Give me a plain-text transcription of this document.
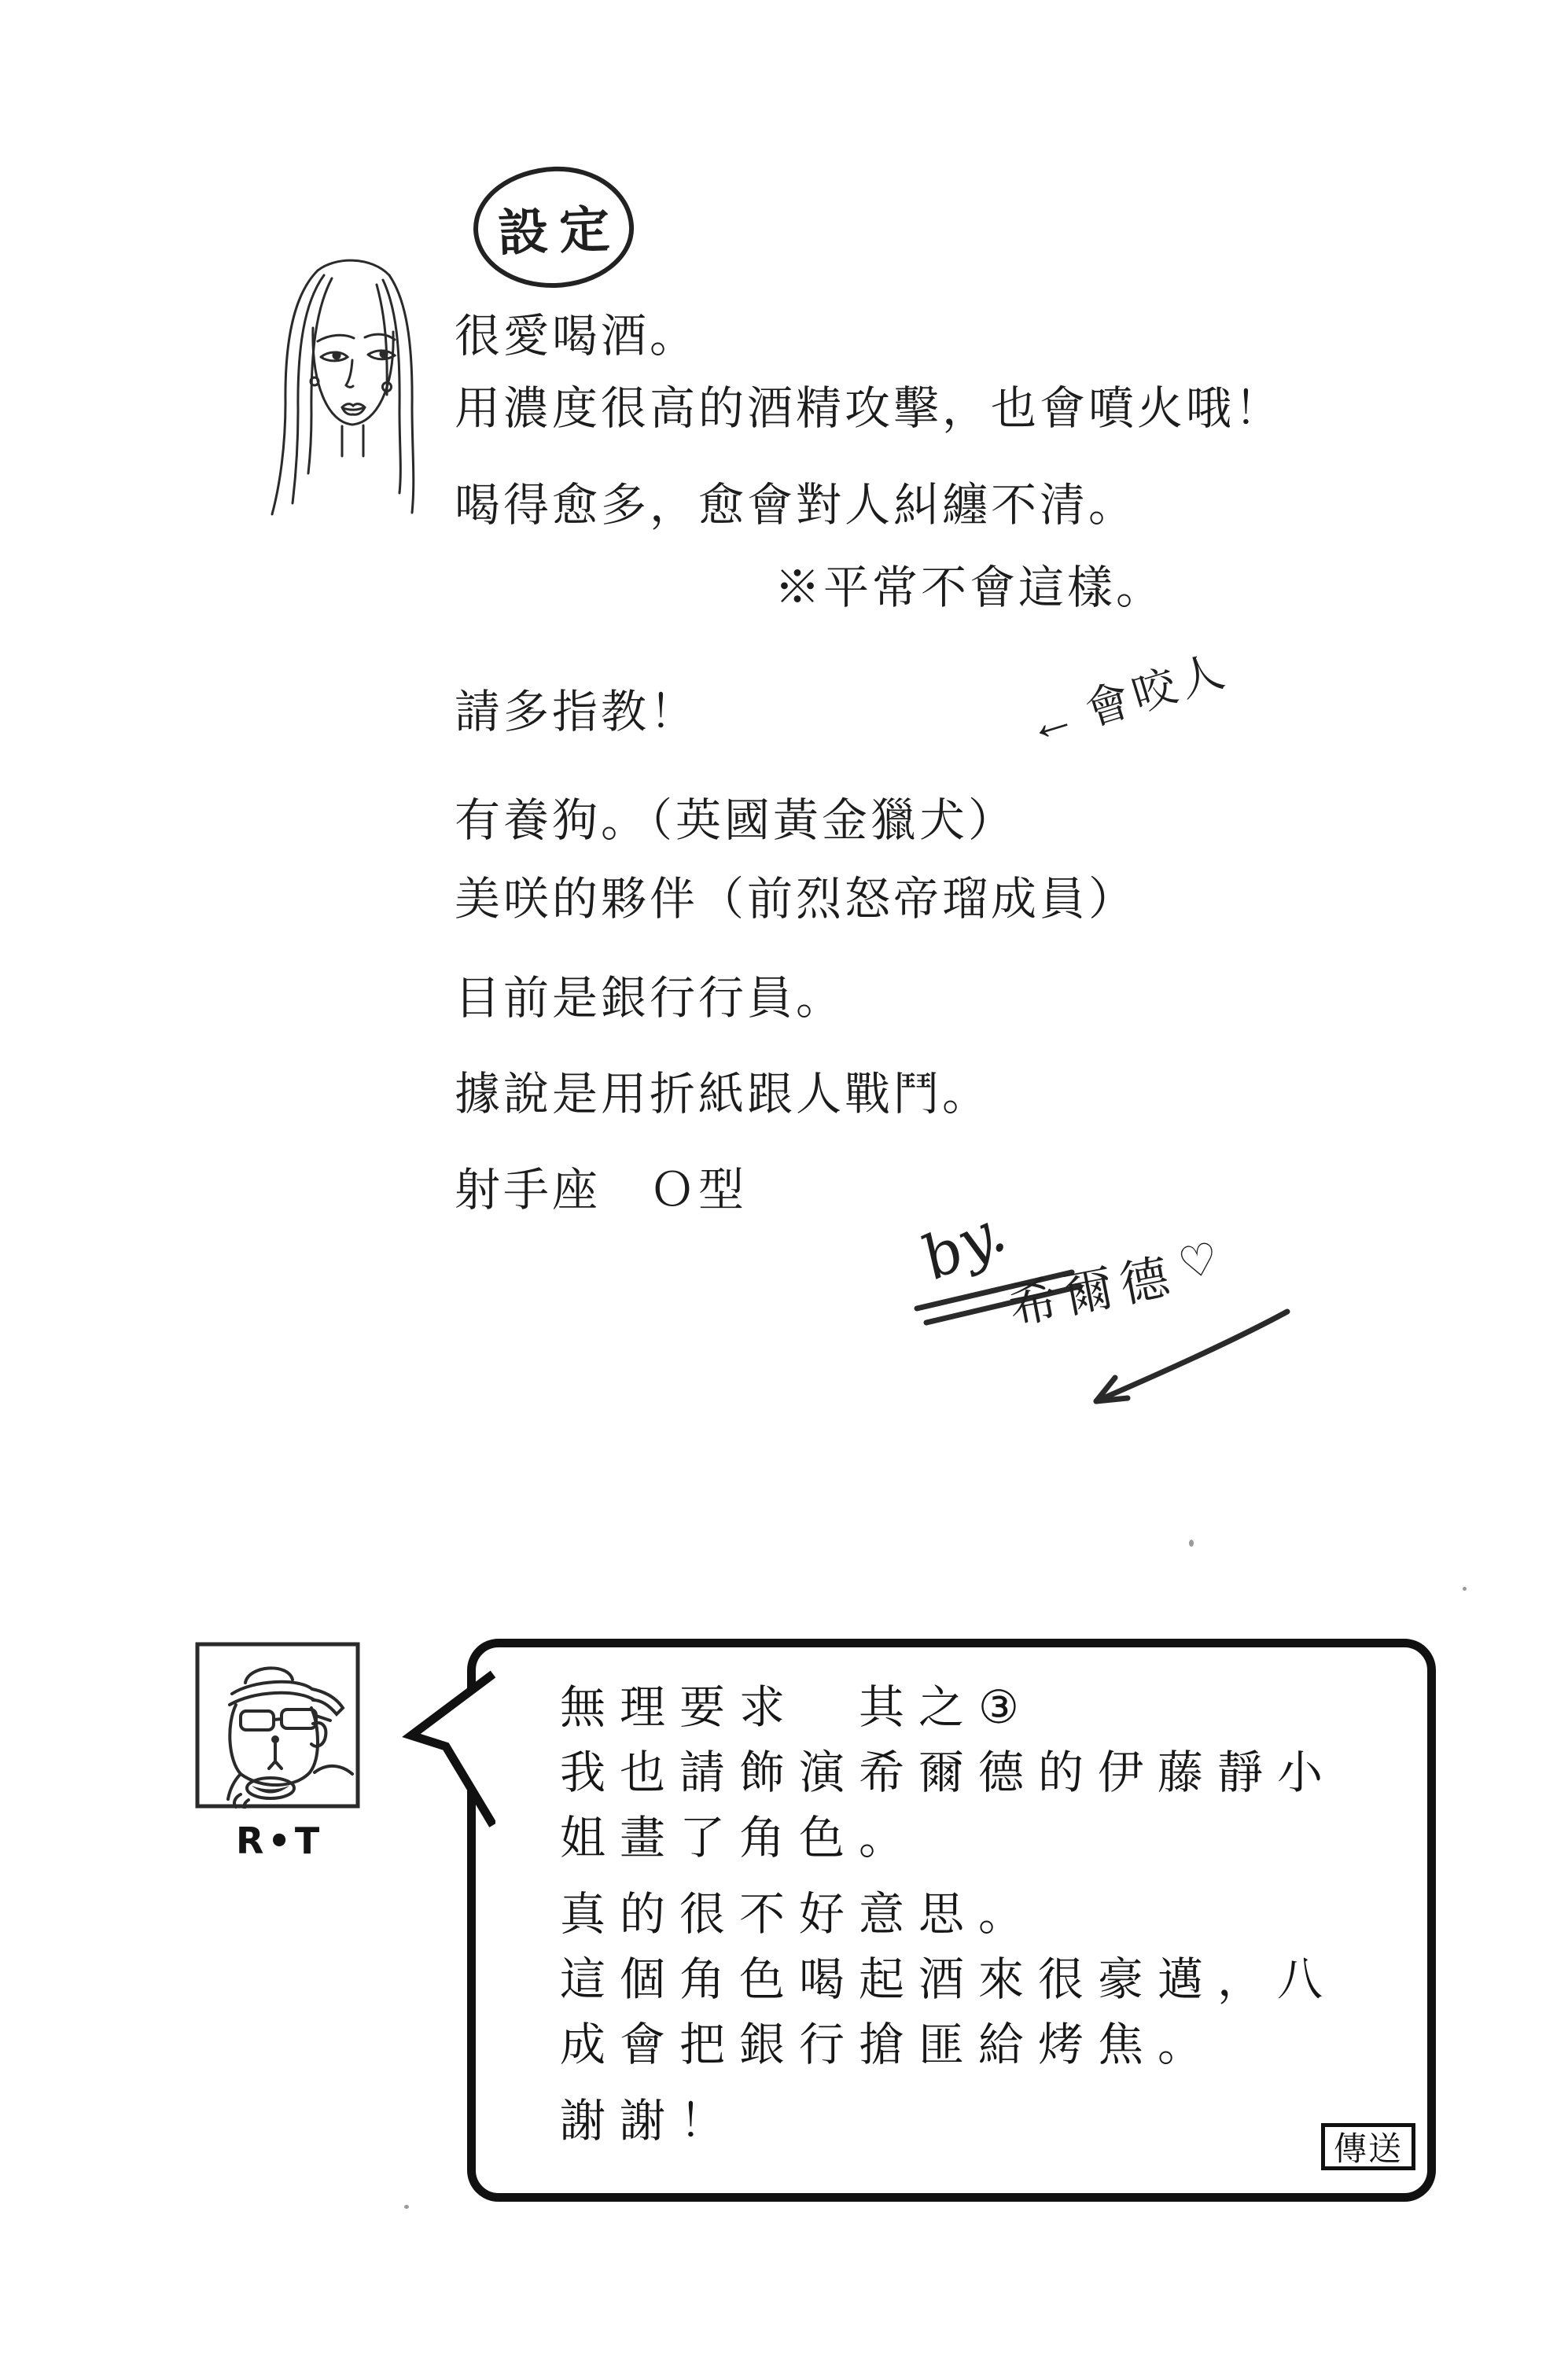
設定
很愛喝酒。
用濃度很高的酒精攻擊，也會噴火哦！
喝得愈多，愈會對人糾纏不清。
※平常不會這樣。
請多指教！
有養狗。（英國黃金獵犬）
美咲的夥伴（前烈怒帝瑠成員）
目前是銀行行員。
據說是用折紙跟人戰鬥。
射手座　Ｏ型
←會咬人
by.
希爾德♡
R•T
無理要求　其之③
我也請飾演希爾德的伊藤靜小
姐畫了角色。
真的很不好意思。
這個角色喝起酒來很豪邁，八
成會把銀行搶匪給烤焦。
謝謝！
傳送
